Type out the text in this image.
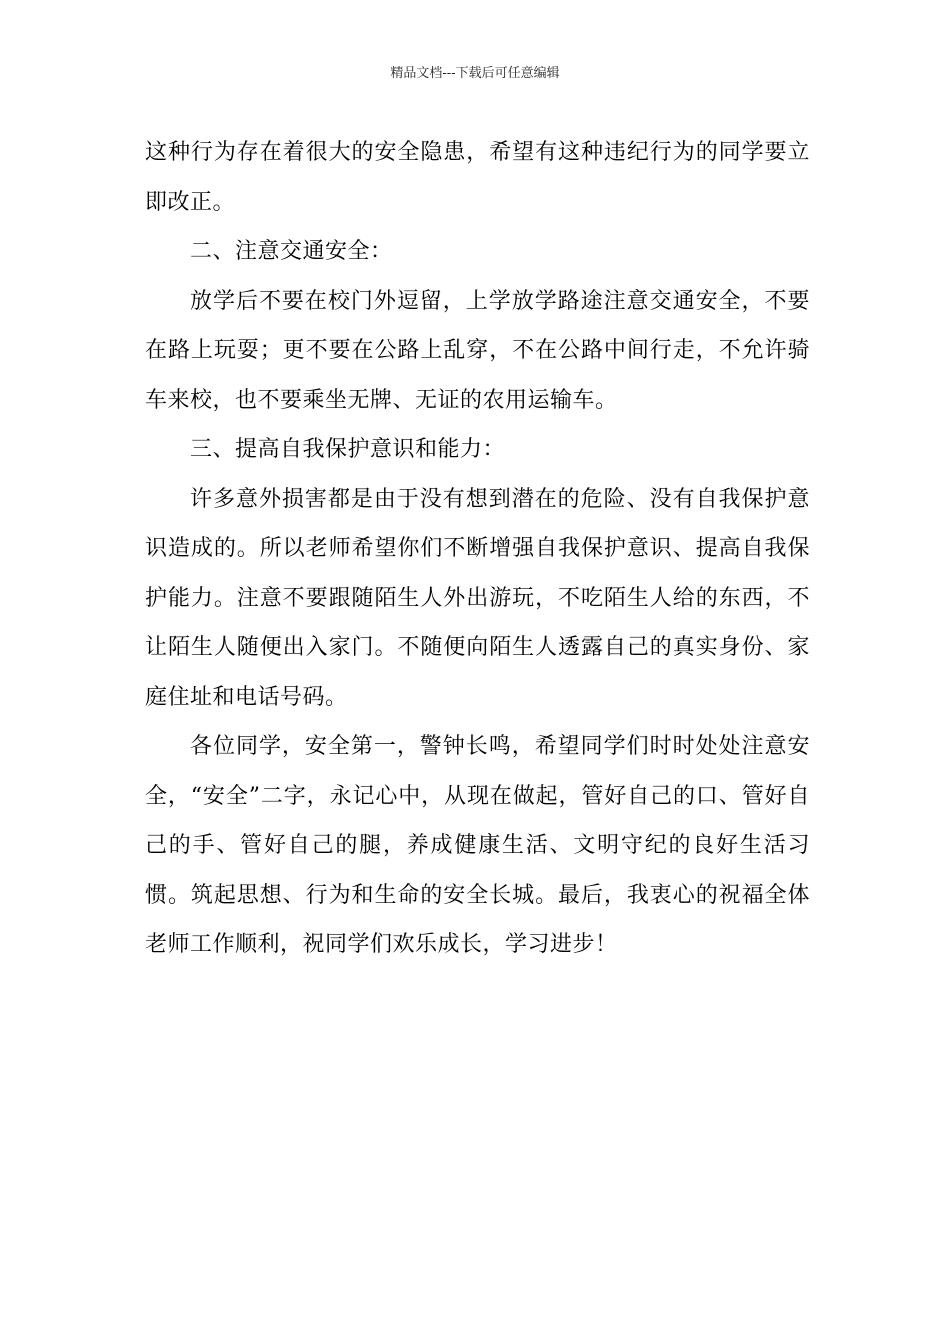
精品文档---下载后可任意编辑

这种行为存在着很大的安全隐患，希望有这种违纪行为的同学要立即改正。

二、注意交通安全：

放学后不要在校门外逗留，上学放学路途注意交通安全，不要在路上玩耍；更不要在公路上乱穿，不在公路中间行走，不允许骑车来校，也不要乘坐无牌、无证的农用运输车。

三、提高自我保护意识和能力：

许多意外损害都是由于没有想到潜在的危险、没有自我保护意识造成的。所以老师希望你们不断增强自我保护意识、提高自我保护能力。注意不要跟随陌生人外出游玩，不吃陌生人给的东西，不让陌生人随便出入家门。不随便向陌生人透露自己的真实身份、家庭住址和电话号码。

各位同学，安全第一，警钟长鸣，希望同学们时时处处注意安全，“安全”二字，永记心中，从现在做起，管好自己的口、管好自己的手、管好自己的腿，养成健康生活、文明守纪的良好生活习惯。筑起思想、行为和生命的安全长城。最后，我衷心的祝福全体老师工作顺利，祝同学们欢乐成长，学习进步！
